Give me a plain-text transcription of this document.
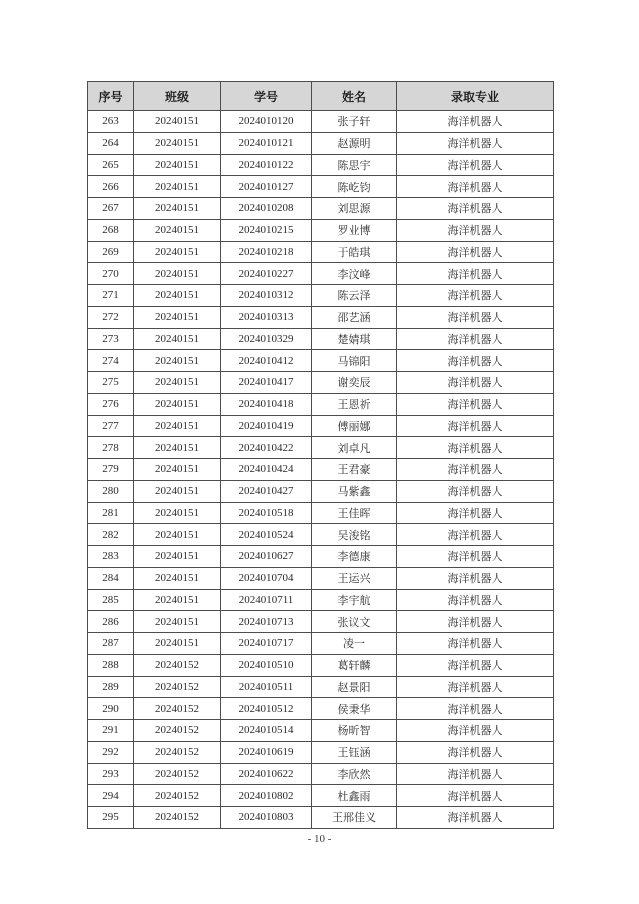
序号	班级	学号	姓名	录取专业
263	20240151	2024010120	张子轩	海洋机器人
264	20240151	2024010121	赵源明	海洋机器人
265	20240151	2024010122	陈思宇	海洋机器人
266	20240151	2024010127	陈屹钧	海洋机器人
267	20240151	2024010208	刘思源	海洋机器人
268	20240151	2024010215	罗业博	海洋机器人
269	20240151	2024010218	于皓琪	海洋机器人
270	20240151	2024010227	李汶峰	海洋机器人
271	20240151	2024010312	陈云泽	海洋机器人
272	20240151	2024010313	邵艺涵	海洋机器人
273	20240151	2024010329	楚婧琪	海洋机器人
274	20240151	2024010412	马锦阳	海洋机器人
275	20240151	2024010417	谢奕辰	海洋机器人
276	20240151	2024010418	王恩祈	海洋机器人
277	20240151	2024010419	傅丽娜	海洋机器人
278	20240151	2024010422	刘卓凡	海洋机器人
279	20240151	2024010424	王君豪	海洋机器人
280	20240151	2024010427	马紫鑫	海洋机器人
281	20240151	2024010518	王佳晖	海洋机器人
282	20240151	2024010524	吴浚铭	海洋机器人
283	20240151	2024010627	李德康	海洋机器人
284	20240151	2024010704	王运兴	海洋机器人
285	20240151	2024010711	李宇航	海洋机器人
286	20240151	2024010713	张议文	海洋机器人
287	20240151	2024010717	凌一	海洋机器人
288	20240152	2024010510	葛轩麟	海洋机器人
289	20240152	2024010511	赵景阳	海洋机器人
290	20240152	2024010512	侯秉华	海洋机器人
291	20240152	2024010514	杨昕智	海洋机器人
292	20240152	2024010619	王钰涵	海洋机器人
293	20240152	2024010622	李欣然	海洋机器人
294	20240152	2024010802	杜鑫雨	海洋机器人
295	20240152	2024010803	王邢佳义	海洋机器人
- 10 -
